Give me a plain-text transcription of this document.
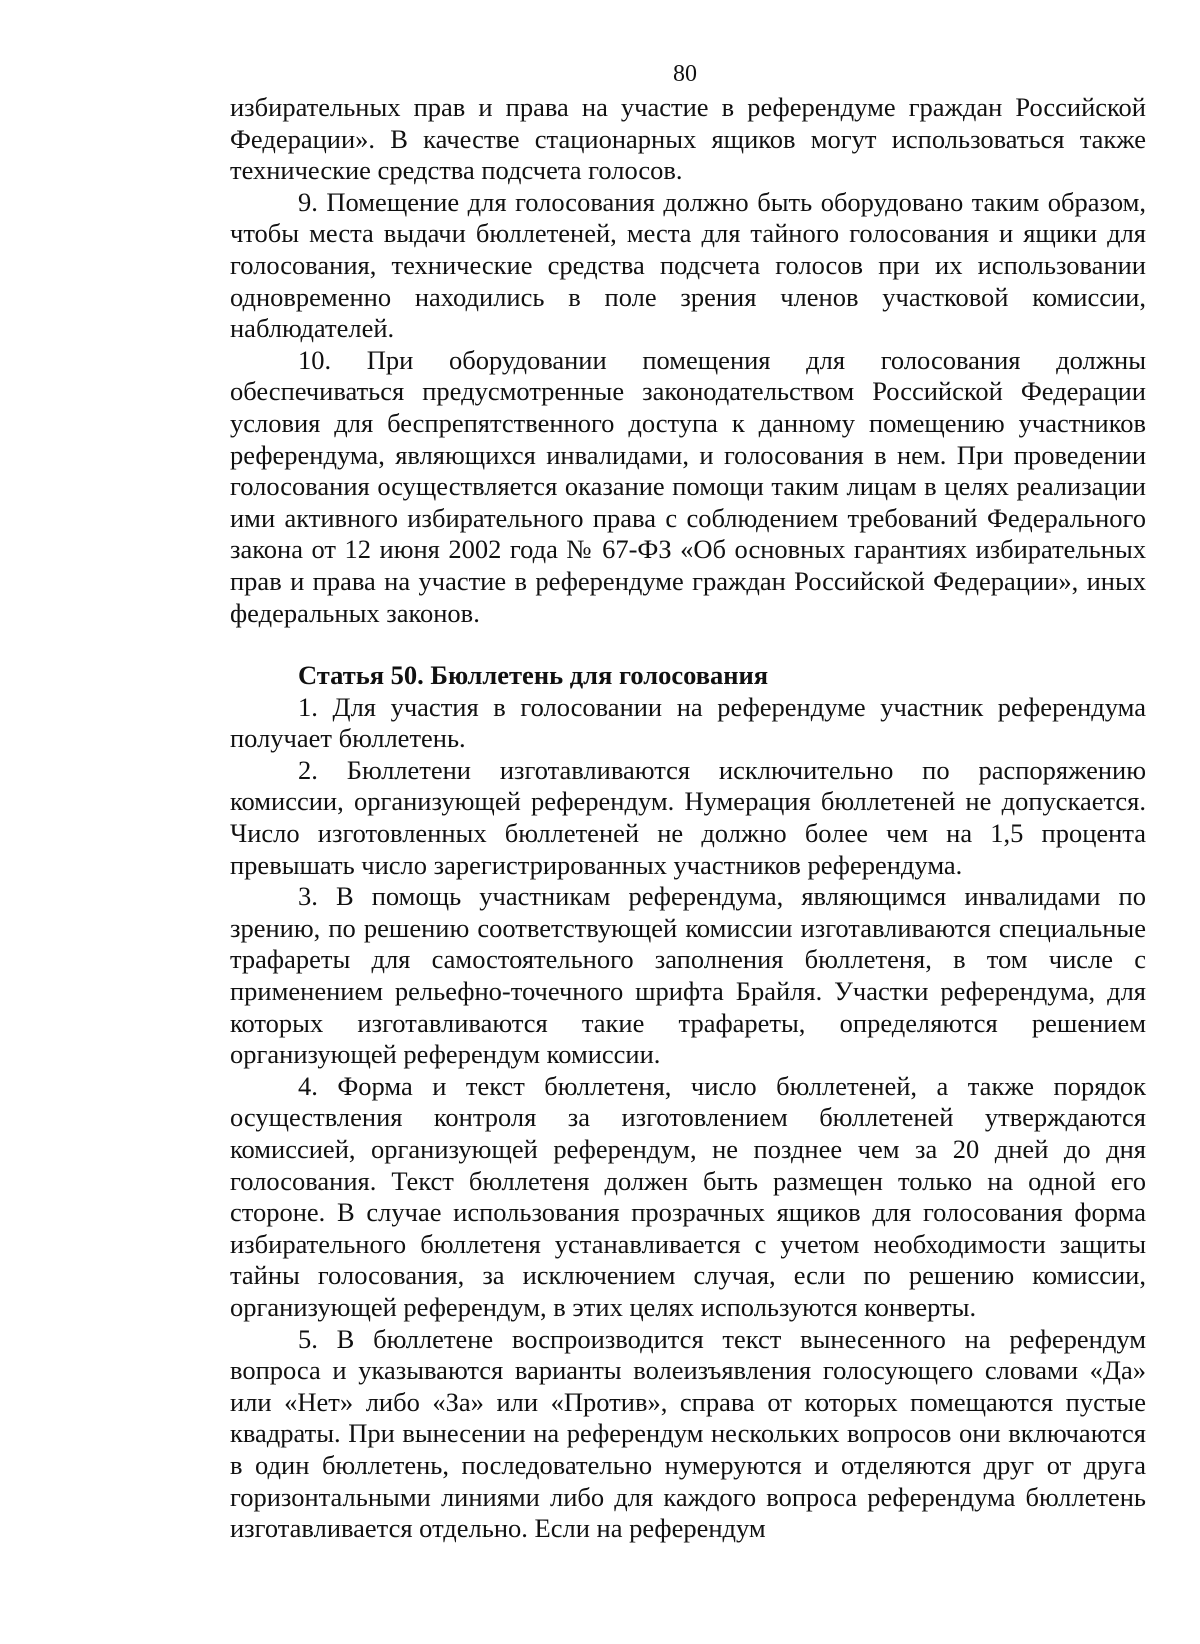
80

избирательных прав и права на участие в референдуме граждан Российской Федерации». В качестве стационарных ящиков могут использоваться также технические средства подсчета голосов.

9. Помещение для голосования должно быть оборудовано таким образом, чтобы места выдачи бюллетеней, места для тайного голосования и ящики для голосования, технические средства подсчета голосов при их использовании одновременно находились в поле зрения членов участковой комиссии, наблюдателей.

10. При оборудовании помещения для голосования должны обеспечиваться предусмотренные законодательством Российской Федерации условия для беспрепятственного доступа к данному помещению участников референдума, являющихся инвалидами, и голосования в нем. При проведении голосования осуществляется оказание помощи таким лицам в целях реализации ими активного избирательного права с соблюдением требований Федерального закона от 12 июня 2002 года № 67-ФЗ «Об основных гарантиях избирательных прав и права на участие в референдуме граждан Российской Федерации», иных федеральных законов.

Статья 50. Бюллетень для голосования

1. Для участия в голосовании на референдуме участник референдума получает бюллетень.

2. Бюллетени изготавливаются исключительно по распоряжению комиссии, организующей референдум. Нумерация бюллетеней не допускается. Число изготовленных бюллетеней не должно более чем на 1,5 процента превышать число зарегистрированных участников референдума.

3. В помощь участникам референдума, являющимся инвалидами по зрению, по решению соответствующей комиссии изготавливаются специальные трафареты для самостоятельного заполнения бюллетеня, в том числе с применением рельефно-точечного шрифта Брайля. Участки референдума, для которых изготавливаются такие трафареты, определяются решением организующей референдум комиссии.

4. Форма и текст бюллетеня, число бюллетеней, а также порядок осуществления контроля за изготовлением бюллетеней утверждаются комиссией, организующей референдум, не позднее чем за 20 дней до дня голосования. Текст бюллетеня должен быть размещен только на одной его стороне. В случае использования прозрачных ящиков для голосования форма избирательного бюллетеня устанавливается с учетом необходимости защиты тайны голосования, за исключением случая, если по решению комиссии, организующей референдум, в этих целях используются конверты.

5. В бюллетене воспроизводится текст вынесенного на референдум вопроса и указываются варианты волеизъявления голосующего словами «Да» или «Нет» либо «За» или «Против», справа от которых помещаются пустые квадраты. При вынесении на референдум нескольких вопросов они включаются в один бюллетень, последовательно нумеруются и отделяются друг от друга горизонтальными линиями либо для каждого вопроса референдума бюллетень изготавливается отдельно. Если на референдум
